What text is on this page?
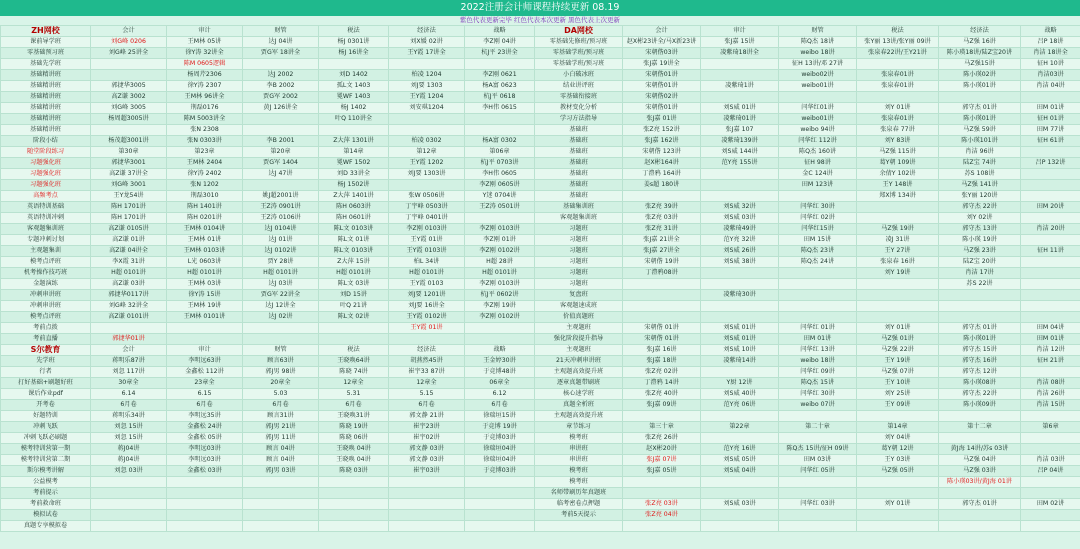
2022注册会计师课程持续更新 08.19
紫色代表更新完毕 红色代表本次更新 黑色代表上次更新
ZH网校	会计	审计	财管	税法	经济法	战略	DA网校	会计	审计	财管	税法	经济法	战略
课前导学班	刘G峰 0206	王M林 05讲	达J 04讲	杨J 0301讲	刘X媛 02讲	李Z刚 04讲	零基础先修班/预习班	赵X彬23讲全/马X新23讲	张J嘉 15讲	陈Q杰 18讲	张Y丽 13讲/张Y丽 09讲	马Z强 16讲	吕P 18讲
零基础预习班	刘G峰 25讲全	徐Y涛 32讲全	贾G军 18讲全	杨J 16讲全	王Y霞 17讲全	杭J平 23讲全	零基础学班/预习班	宋朝偕03讲	凌紫琦18讲全	weibo 18讲	张泉春22讲/王Y21讲	陈小瑛18讲/陆Z宝20讲	肖洁 18讲全
基础先学班		陈M 0605逻辑					零基础学班/预习班	张J嘉 19讲全		征H 13讲/邓 27讲		马Z强15讲	征H 10讲
基础精讲班		杨周芹2306	达J 2002	刘D 1402	柏凌 1204	李Z刚 0621	小白破冰班	宋朝偕01讲		weibo02讲	张泉春01讲	陈小瑛02讲	肖洁03讲
基础精讲班	郭捷华3005	徐Y涛 2307	李B 2002	孤L文 1403	刘J要 1303	杨A富 0623	结业讲评班	宋朝偕01讲	凌紫琦1讲	weibo01讲	张泉春01讲	陈小瑛01讲	肖洁 04讲
基础精讲班	高Z谦 3002	王M林 96讲全	贾G军 2002	冕WF 1403	王Y霞 1204	杭J平 0618	零基础衔接班	宋朝偕02讲					
基础精讲班	刘G峰 3005	荆磊0176	黄J 126讲全	杨J 1402	刘安琪1204	李H伟 0615	教材变化分析	宋朝偕01讲	刘S威 01讲	闫华红01讲	刘Y 01讲	郭守杰 01讲	田M 01讲
基础精讲班	杨周超3005讲	陈M 5003讲全		叶Q 110讲全			学习方法指导	张J嘉 01讲	凌紫琦01讲	weibo01讲	张泉春01讲	陈小瑛01讲	征H 01讲
基础精讲班		张N 2308					基础班	张Z亮 152讲	张J嘉 107	weibo 94讲	张泉春 77讲	马Z强 59讲	田M 77讲
阶段小结	杨茂超3001讲	张N 0303讲	李B 2001	Z大萍 1301讲	柏凌 0302	杨A富 0302	基础班	张J嘉 162讲	凌紫琦139讲	闫华红 112讲	刘Y 83讲	陈小瑛101讲	征H 61讲
随堂阶段练习	第30章	第23章	第20章	第14章	第12章	第06章	基础班	宋朝偕 123讲	刘S威 144讲	陈Q杰 160讲	马Z强 115讲	肖洁 96讲	
习题强化班	郭捷华3001	王M林 2404	贾G军 1404	冕WF 1502	王Y霞 1202	杭J平 0703讲	基础班	赵X彬164讲	范Y亮 155讲	征H 98讲	葛Y朝 109讲	陆Z宝 74讲	吕P 132讲
习题强化班	高Z谦 37讲全	徐Y涛 2402	达J 47讲	刘D 33讲全	刘J要 1303讲	李H伟 0605	基础班	丁澧鸦 164讲		金C 124讲	余倩Y 102讲	苏S 108讲	
习题强化班	刘G峰 3001	张N 1202		杨J 1502讲		李Z刚 0605讲	基础班	姜s超 180讲		田M 123讲	王Y 148讲	马Z强 141讲	
高频考点	王Y龙54讲	荆磊3010	姚J超2001讲	Z大萍 1401讲	张W 0506讲	Y迷 0704讲	基础班				郑X博 134讲	张Y丽 120讲	
英语特训基础	陈H 1701讲	陈H 1401讲	王Z涛 0901讲	陈H 0603讲	丁宇峰 0503讲	王Z涛 0501讲	基础集训班	张Z亮 39讲	刘S威 32讲	闫华红 30讲		郭守杰 22讲	田M 20讲
英语特训冲刺	陈H 1701讲	陈H 0201讲	王Z涛 0106讲	陈H 0601讲	丁宇峰 0401讲		客观题集训班	张Z亮 03讲	刘S威 03讲	闫华红 02讲		刘Y 02讲	
客观题集训班	高Z谦 0105讲	王M林 0104讲	达J 0104讲	陈L文 0103讲	李Z刚 0103讲	李Z刚 0103讲	习题班	张Z亮 31讲	凌紫琦49讲	闫华红15讲	马Z强 19讲	郭守杰 13讲	肖洁 20讲
专题冲刺讨划	高Z谦 01讲	王M林 01讲	达J 01讲	陈L文 01讲	王Y霞 01讲	李Z刚 01讲	习题班	张J嘉 21讲全	范Y亮 32讲	田M 15讲	凌J 31讲	陈小瑛 19讲	
主观题集训	高Z谦 04讲全	王M林 0103讲	达J 0102讲	陈L文 0103讲	王Y霞 0103讲	李Z刚 0102讲	习题班	张J嘉 27讲全	刘S威 26讲	陈Q杰 23讲	王Y 27讲	马Z强 23讲	征H 11讲
模考点评班	李X霞 31讲	L光 0603讲	贾Y 28讲	Z大萍 15讲	柏L 34讲	H超 28讲	习题班	宋朝偕 19讲	刘S威 38讲	陈Q杰 24讲	张泉春 16讲	陆Z宝 20讲	
机考操作技巧班	H超 0101讲	H超 0101讲	H超 0101讲	H超 0101讲	H超 0101讲	H超 0101讲	习题班	丁澧鸦08讲			刘Y 19讲	肖洁 17讲	
金题演练	高Z谦 03讲	王M林 03讲	达J 03讲	陈L文 03讲	王Y霞 0103	李Z刚 0103讲	习题班					苏S 22讲	
冲刺串讲班	郭捷华0117讲	徐Y涛 15讲	贾G军 22讲全	刘D 15讲	刘J要 1201讲	杭J平 0602讲	复盘班		凌紫琦30讲				
冲刺串讲班	刘G峰 32讲全	王M林 19讲	达J 12讲全	叶Q 21讲	刘J要 16讲全	李Z刚 19讲	客观题速成班						
模考点评班	高Z谦 0101讲	王M林 0101讲	达J 02讲	陈L文 02讲	王Y霞 0102讲	李Z刚 0102讲	价值真题班						
考前点拨					王Y霞 01讲		主观题班	宋朝偕 01讲	刘S威 01讲	闫华红 01讲	刘Y 01讲	郭守杰 01讲	田M 04讲
考前直播	郭捷华01讲						强化阶段提升指导	宋朝偕 01讲	刘S威 01讲	田M 01讲	马Z强 01讲	陈小瑛01讲	田M 01讲
S尔教育	会计	审计	财管	税法	经济法	战略	主观题班	张J嘉 16讲	刘S威 10讲	闫华红 13讲	马Z强 22讲	郭守杰 15讲	肖洁 12讲
先学班	蒋明乐87讲	李明远63讲	顾言63讲	王晓唤64讲	胡燕然45讲	王金婷30讲	21天冲刺串讲班	张J嘉 18讲	凌紫琦14讲	weibo 18讲	王Y 19讲	郭守杰 16讲	征H 21讲
行者	刘忽 117讲	金鑫松 112讲	郭J男 98讲	陈晓 74讲	崔宇33 87讲	于竞博48讲	主观题高效提升班	张Z亮 02讲		闫华红 09讲	马Z强 07讲	郭守杰 12讲	
打好基础+刷题好班	30章全	23章全	20章全	12章全	12章全	06章全	逐章真题带刷班	丁澧鸦 14讲	Y厨 12讲	陈Q杰 15讲	王Y 10讲	陈小瑛08讲	肖洁 08讲
课后作业pdf	6.14	6.15	5.03	5.31	5.15	6.12	核心速学班	张Z亮 40讲	刘S威 40讲	闫华红 30讲	刘Y 25讲	郭守杰 22讲	肖洁 26讲
开考卷	6月卷	6月卷	6月卷	6月卷	6月卷	6月卷	真题全析班	张J嘉 09讲	范Y亮 06讲	weibo 07讲	王Y 09讲	陈小瑛09讲	肖洁 15讲
好题特训	蒋明乐34讲	李明远35讲	顾言31讲	王晓唤31讲	郭文静 21讲	徐瑞垣15讲	主观题高效提升班						
冲刺飞跃	刘忽 15讲	金鑫松 24讲	郭J男 21讲	陈晓 19讲	崔宇23讲	于竞博 19讲	章节练习	第三十章	第22章	第二十章	第14章	第十二章	第6章
冲刺飞跃必刷题	刘忽 15讲	金鑫松 05讲	郭J男 11讲	陈晓 06讲	崔宇02讲	于竞博03讲	模考班	张Z亮 26讲			刘Y 04讲		
模考特训营第一期	蒋J04讲	李明远03讲	顾言 04讲	王晓唤 04讲	郭文静 03讲	徐瑞垣04讲	串讲班	赵X彬20讲	范Y亮 16讲	陈Q杰 15讲/征H 09讲	葛Y朝 12讲	黄J海 14讲/苏s 03讲	
模考特训营第二期	蒋J04讲	李明远03讲	顾言 04讲	王晓唤 04讲	郭文静 03讲	徐瑞垣04讲	串讲班	张J嘉 07讲	刘S威 05讲	田M 03讲	王Y 03讲	马Z强 04讲	肖洁 03讲
斯尔模考讲解	刘忽 03讲	金鑫松 03讲	郭J男 03讲	陈晓 03讲	崔宇03讲	于竞博03讲	模考班	张J嘉 05讲	刘S威 04讲	闫华红 05讲	马Z强 05讲	马Z强 03讲	吕P 04讲
公益模考							模考班					陈小瑛03讲/黄J海 01讲	
考前提示							名师带刷历年真题班						
考前救命班							临考密卷点押题	张Z亮 03讲	刘S威 03讲	闫华红 03讲	刘Y 01讲	郭守杰 01讲	田M 02讲
模拟试卷							考前5天提示	张Z亮 04讲					
真题专享模拟卷													
